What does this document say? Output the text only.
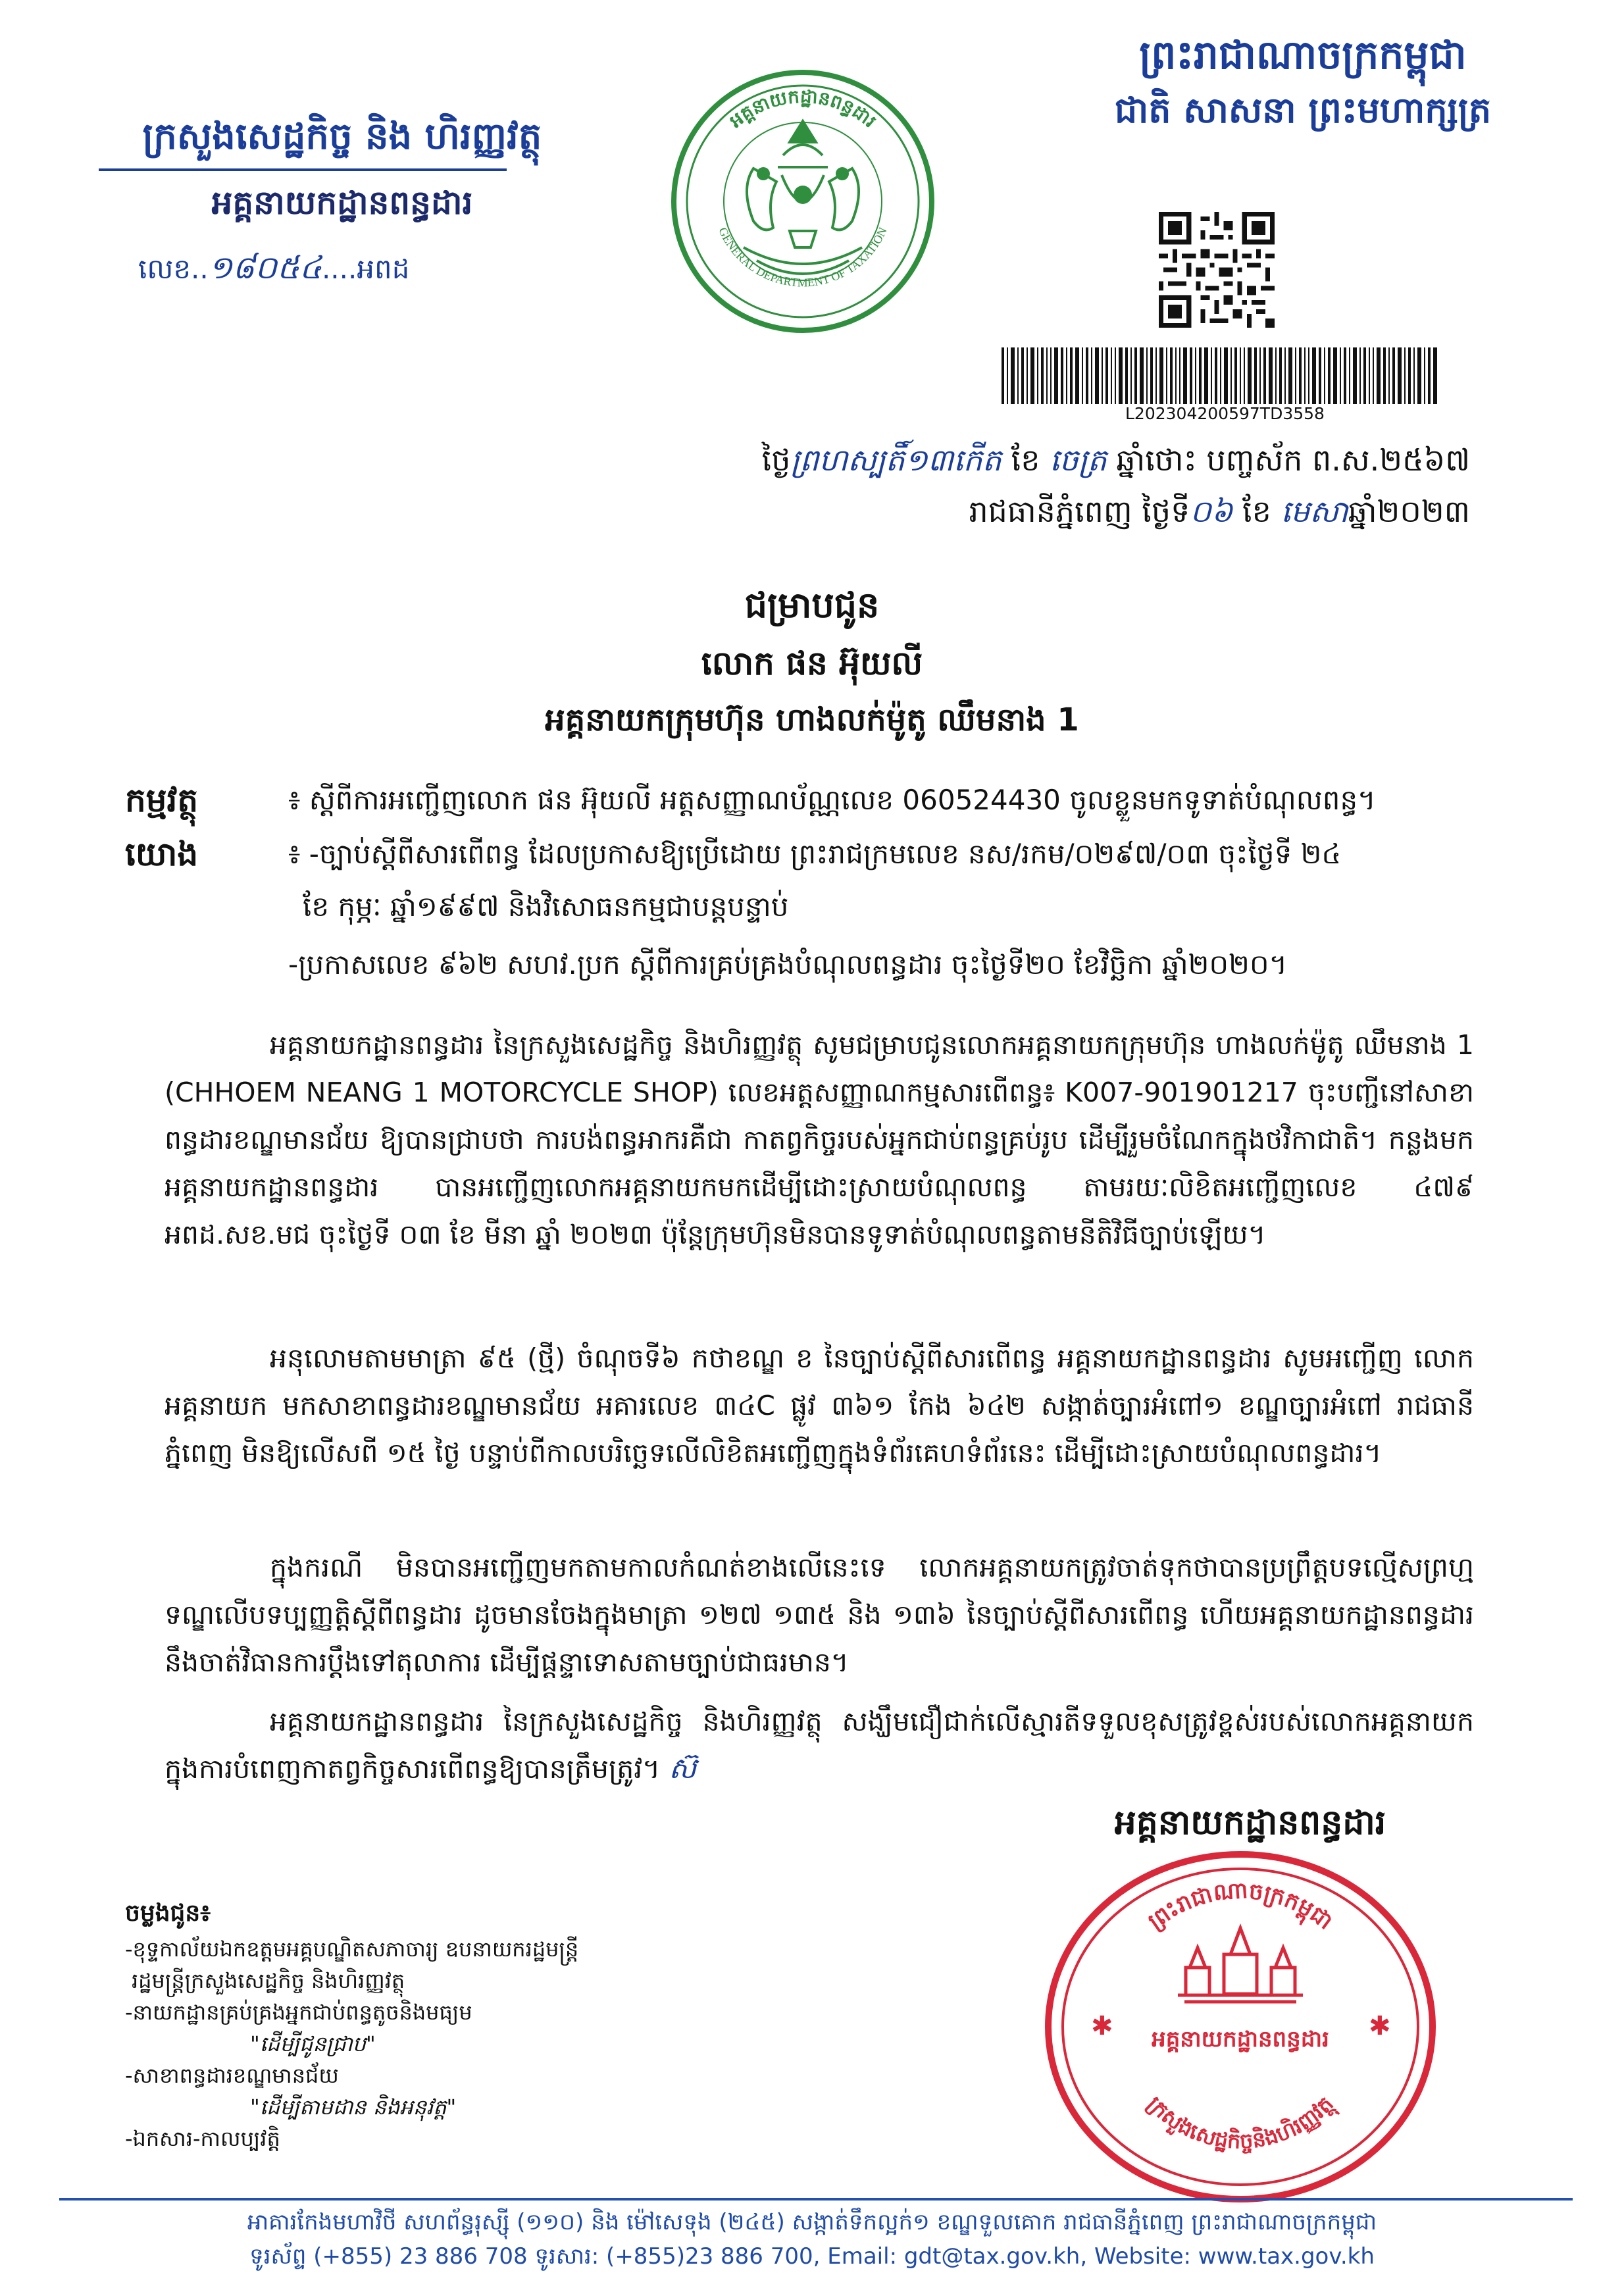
ព្រះរាជាណាចក្រកម្ពុជា
ជាតិ សាសនា ព្រះមហាក្សត្រ
ក្រសួងសេដ្ឋកិច្ច និង ហិរញ្ញវត្ថុ
អគ្គនាយកដ្ឋានពន្ធដារ
លេខ..១៨០៥៤....អពដ
អគ្គនាយកដ្ឋានពន្ធដារ
GENERAL DEPARTMENT OF TAXATION
L202304200597TD3558
ថ្ងៃព្រហស្បតិ៍១៣កើត ខែ ចេត្រ ឆ្នាំថោះ បញ្ចស័ក ព.ស.២៥៦៧
រាជធានីភ្នំពេញ ថ្ងៃទី០៦ ខែ មេសាឆ្នាំ២០២៣
ជម្រាបជូន
លោក ផន អ៊ុយលី
អគ្គនាយកក្រុមហ៊ុន ហាងលក់ម៉ូតូ ឈឹមនាង 1
កម្មវត្ថុ	៖ ស្តីពីការអញ្ជើញលោក ផន អ៊ុយលី អត្តសញ្ញាណប័ណ្ណលេខ 060524430 ចូលខ្លួនមកទូទាត់បំណុលពន្ធ។
យោង	៖ -ច្បាប់ស្តីពីសារពើពន្ធ ដែលប្រកាសឱ្យប្រើដោយ ព្រះរាជក្រមលេខ នស/រកម/០២៩៧/០៣ ចុះថ្ងៃទី ២៤
ខែ កុម្ភៈ ឆ្នាំ១៩៩៧ និងវិសោធនកម្មជាបន្តបន្ទាប់
-ប្រកាសលេខ ៩៦២ សហវ.ប្រក ស្តីពីការគ្រប់គ្រងបំណុលពន្ធដារ ចុះថ្ងៃទី២០ ខែវិច្ឆិកា ឆ្នាំ២០២០។
អគ្គនាយកដ្ឋានពន្ធដារ នៃក្រសួងសេដ្ឋកិច្ច និងហិរញ្ញវត្ថុ សូមជម្រាបជូនលោកអគ្គនាយកក្រុមហ៊ុន ហាងលក់ម៉ូតូ ឈឹមនាង 1 (CHHOEM NEANG 1 MOTORCYCLE SHOP) លេខអត្តសញ្ញាណកម្មសារពើពន្ធ៖ K007-901901217 ចុះបញ្ជីនៅសាខា ពន្ធដារខណ្ឌមានជ័យ ឱ្យបានជ្រាបថា ការបង់ពន្ធអាករគឺជា កាតព្វកិច្ចរបស់អ្នកជាប់ពន្ធគ្រប់រូប ដើម្បីរួមចំណែកក្នុងថវិកាជាតិ។ កន្លងមក អគ្គនាយកដ្ឋានពន្ធដារ បានអញ្ជើញលោកអគ្គនាយកមកដើម្បីដោះស្រាយបំណុលពន្ធ តាមរយៈលិខិតអញ្ជើញលេខ ៤៧៩ អពដ.សខ.មជ ចុះថ្ងៃទី ០៣ ខែ មីនា ឆ្នាំ ២០២៣ ប៉ុន្តែក្រុមហ៊ុនមិនបានទូទាត់បំណុលពន្ធតាមនីតិវិធីច្បាប់ឡើយ។
អនុលោមតាមមាត្រា ៩៥ (ថ្មី) ចំណុចទី៦ កថាខណ្ឌ ខ នៃច្បាប់ស្តីពីសារពើពន្ធ អគ្គនាយកដ្ឋានពន្ធដារ សូមអញ្ជើញ លោកអគ្គនាយក មកសាខាពន្ធដារខណ្ឌមានជ័យ អគារលេខ ៣៤C ផ្លូវ ៣៦១ កែង ៦៤២ សង្កាត់ច្បារអំពៅ១ ខណ្ឌច្បារអំពៅ រាជធានីភ្នំពេញ មិនឱ្យលើសពី ១៥ ថ្ងៃ បន្ទាប់ពីកាលបរិច្ឆេទលើលិខិតអញ្ជើញក្នុងទំព័រគេហទំព័រនេះ ដើម្បីដោះស្រាយបំណុលពន្ធដារ។
ក្នុងករណី មិនបានអញ្ជើញមកតាមកាលកំណត់ខាងលើនេះទេ លោកអគ្គនាយកត្រូវចាត់ទុកថាបានប្រព្រឹត្តបទល្មើសព្រហ្មទណ្ឌលើបទប្បញ្ញត្តិស្តីពីពន្ធដារ ដូចមានចែងក្នុងមាត្រា ១២៧ ១៣៥ និង ១៣៦ នៃច្បាប់ស្តីពីសារពើពន្ធ ហើយអគ្គនាយកដ្ឋានពន្ធដារនឹងចាត់វិធានការប្តឹងទៅតុលាការ ដើម្បីផ្តន្ទាទោសតាមច្បាប់ជាធរមាន។
អគ្គនាយកដ្ឋានពន្ធដារ នៃក្រសួងសេដ្ឋកិច្ច និងហិរញ្ញវត្ថុ សង្ឃឹមជឿជាក់លើស្មារតីទទួលខុសត្រូវខ្ពស់របស់លោកអគ្គនាយក ក្នុងការបំពេញកាតព្វកិច្ចសារពើពន្ធឱ្យបានត្រឹមត្រូវ។ ស៊
អគ្គនាយកដ្ឋានពន្ធដារ
ព្រះរាជាណាចក្រកម្ពុជា
ក្រសួងសេដ្ឋកិច្ចនិងហិរញ្ញវត្ថុ
✱	✱
អគ្គនាយកដ្ឋានពន្ធដារ
ចម្លងជូន៖
-ខុទ្ទកាល័យឯកឧត្តមអគ្គបណ្ឌិតសភាចារ្យ ឧបនាយករដ្ឋមន្ត្រី
រដ្ឋមន្ត្រីក្រសួងសេដ្ឋកិច្ច និងហិរញ្ញវត្ថុ
-នាយកដ្ឋានគ្រប់គ្រងអ្នកជាប់ពន្ធតូចនិងមធ្យម
"ដើម្បីជូនជ្រាប"
-សាខាពន្ធដារខណ្ឌមានជ័យ
"ដើម្បីតាមដាន និងអនុវត្ត"
-ឯកសារ-កាលប្បវត្តិ
អាគារកែងមហាវិថី សហព័ន្ធរុស្ស៊ី (១១០) និង ម៉ៅសេទុង (២៤៥) សង្កាត់ទឹកល្អក់១ ខណ្ឌទួលគោក រាជធានីភ្នំពេញ ព្រះរាជាណាចក្រកម្ពុជា
ទូរស័ព្ទ (+855) 23 886 708 ទូរសារ: (+855)23 886 700, Email: gdt@tax.gov.kh, Website: www.tax.gov.kh
